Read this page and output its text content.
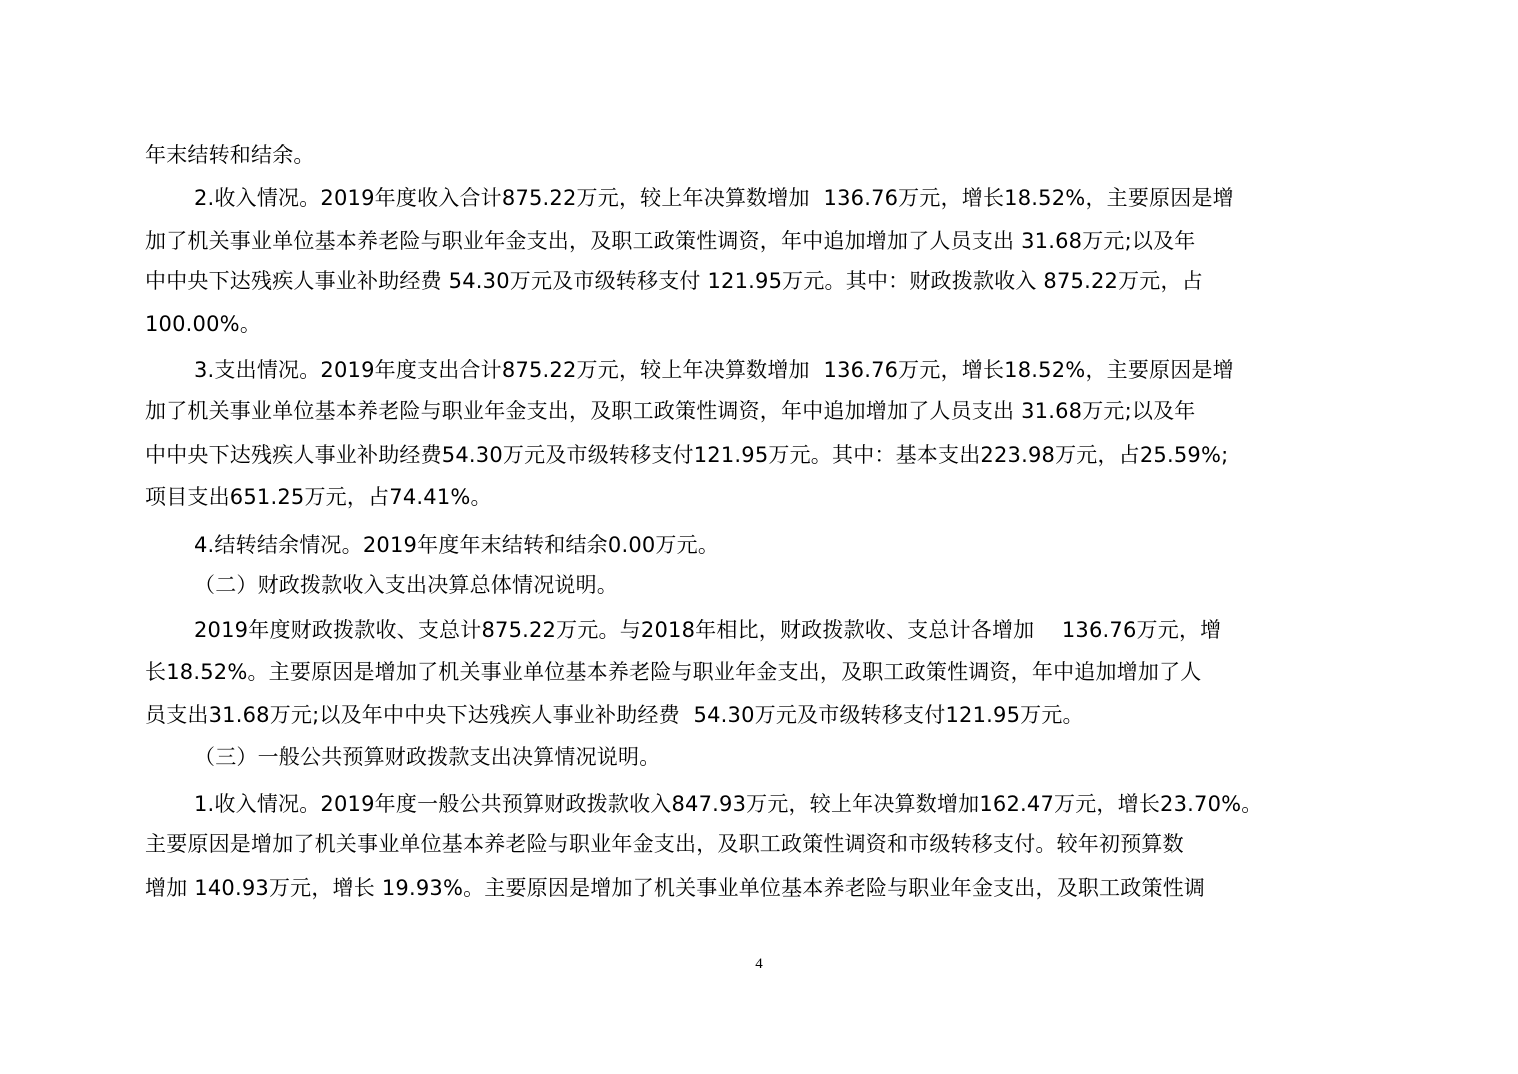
年末结转和结余。
2.收入情况。2019年度收入合计875.22万元，较上年决算数增加  136.76万元，增长18.52%，主要原因是增
加了机关事业单位基本养老险与职业年金支出，及职工政策性调资，年中追加增加了人员支出 31.68万元;以及年
中中央下达残疾人事业补助经费 54.30万元及市级转移支付 121.95万元。其中：财政拨款收入 875.22万元，占
100.00%。
3.支出情况。2019年度支出合计875.22万元，较上年决算数增加  136.76万元，增长18.52%，主要原因是增
加了机关事业单位基本养老险与职业年金支出，及职工政策性调资，年中追加增加了人员支出 31.68万元;以及年
中中央下达残疾人事业补助经费54.30万元及市级转移支付121.95万元。其中：基本支出223.98万元，占25.59%;
项目支出651.25万元，占74.41%。
4.结转结余情况。2019年度年末结转和结余0.00万元。
（二）财政拨款收入支出决算总体情况说明。
2019年度财政拨款收、支总计875.22万元。与2018年相比，财政拨款收、支总计各增加    136.76万元，增
长18.52%。主要原因是增加了机关事业单位基本养老险与职业年金支出，及职工政策性调资，年中追加增加了人
员支出31.68万元;以及年中中央下达残疾人事业补助经费  54.30万元及市级转移支付121.95万元。
（三）一般公共预算财政拨款支出决算情况说明。
1.收入情况。2019年度一般公共预算财政拨款收入847.93万元，较上年决算数增加162.47万元，增长23.70%。
主要原因是增加了机关事业单位基本养老险与职业年金支出，及职工政策性调资和市级转移支付。较年初预算数
增加 140.93万元，增长 19.93%。主要原因是增加了机关事业单位基本养老险与职业年金支出，及职工政策性调
4
